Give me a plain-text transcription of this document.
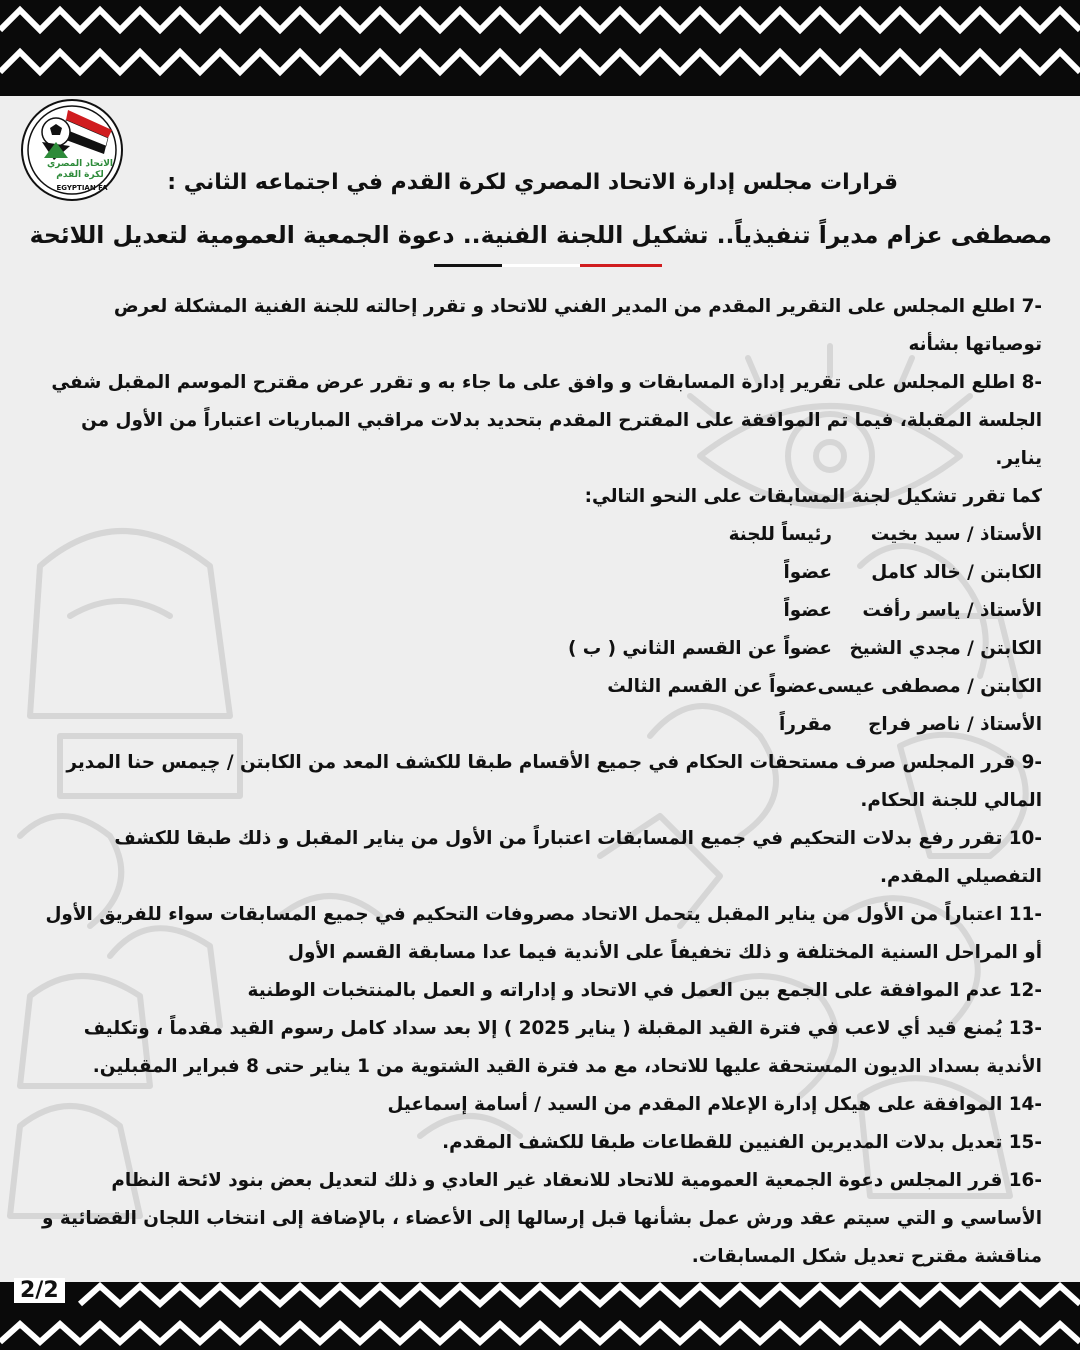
الاتحاد المصري
لكرة القدم
EGYPTIAN FA	قرارات مجلس إدارة الاتحاد المصري لكرة القدم في اجتماعه الثاني :
مصطفى عزام مديراً تنفيذياً.. تشكيل اللجنة الفنية.. دعوة الجمعية العمومية لتعديل اللائحة

-7 اطلع المجلس على التقرير المقدم من المدير الفني للاتحاد و تقرر إحالته للجنة الفنية المشكلة لعرض توصياتها بشأنه

-8 اطلع المجلس على تقرير إدارة المسابقات و وافق على ما جاء به و تقرر عرض مقترح الموسم المقبل شفي الجلسة المقبلة، فيما تم الموافقة على المقترح المقدم بتحديد بدلات مراقبي المباريات اعتباراً من الأول من يناير.

كما تقرر تشكيل لجنة المسابقات على النحو التالي:

الأستاذ / سيد بخيترئيساً للجنة

الكابتن / خالد كاملعضواً

الأستاذ / ياسر رأفتعضواً

الكابتن / مجدي الشيخعضواً عن القسم الثاني ( ب )

الكابتن / مصطفى عيسىعضواً عن القسم الثالث

الأستاذ / ناصر فراجمقرراً

-9 قرر المجلس صرف مستحقات الحكام في جميع الأقسام طبقا للكشف المعد من الكابتن / چيمس حنا المدير المالي للجنة الحكام.

-10 تقرر رفع بدلات التحكيم في جميع المسابقات اعتباراً من الأول من يناير المقبل و ذلك طبقا للكشف التفصيلي المقدم.

-11 اعتباراً من الأول من يناير المقبل يتحمل الاتحاد مصروفات التحكيم في جميع المسابقات سواء للفريق الأول أو المراحل السنية المختلفة و ذلك تخفيفاً على الأندية فيما عدا مسابقة القسم الأول

-12 عدم الموافقة على الجمع بين العمل في الاتحاد و إداراته و العمل بالمنتخبات الوطنية

-13 يُمنع قيد أي لاعب في فترة القيد المقبلة ( يناير 2025 ) إلا بعد سداد كامل رسوم القيد مقدماً ، وتكليف الأندية بسداد الديون المستحقة عليها للاتحاد، مع مد فترة القيد الشتوية من 1 يناير حتى 8 فبراير المقبلين.

-14 الموافقة على هيكل إدارة الإعلام المقدم من السيد / أسامة إسماعيل

-15 تعديل بدلات المديرين الفنيين للقطاعات طبقا للكشف المقدم.

-16 قرر المجلس دعوة الجمعية العمومية للاتحاد للانعقاد غير العادي و ذلك لتعديل بعض بنود لائحة النظام الأساسي و التي سيتم عقد ورش عمل بشأنها قبل إرسالها إلى الأعضاء ، بالإضافة إلى انتخاب اللجان القضائية و مناقشة مقترح تعديل شكل المسابقات.

2/2
